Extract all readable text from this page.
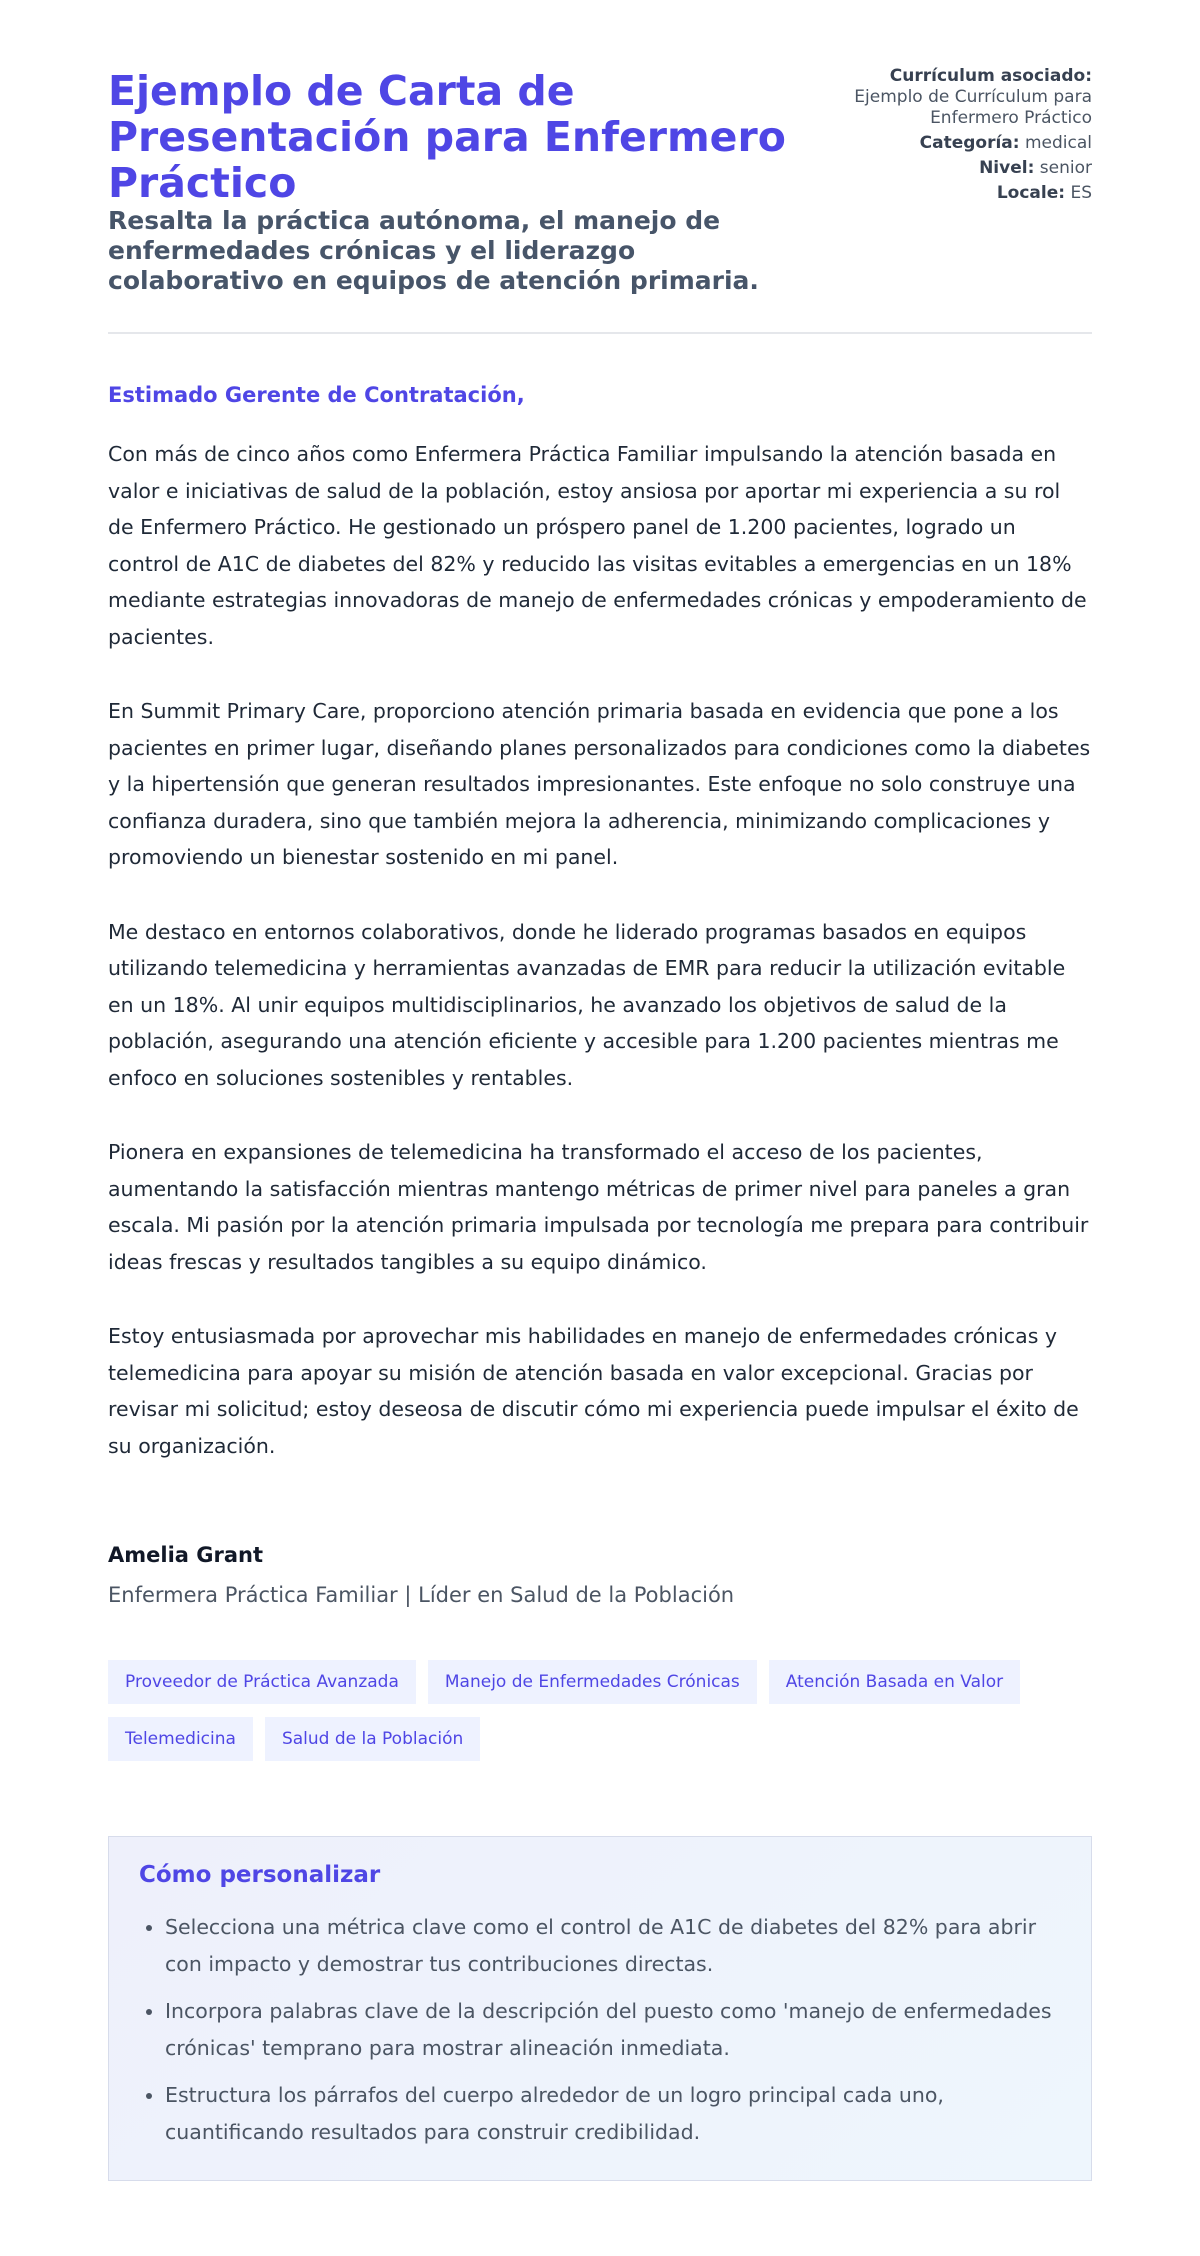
Ejemplo de Carta de Presentación para Enfermero Práctico

Resalta la práctica autónoma, el manejo de enfermedades crónicas y el liderazgo colaborativo en equipos de atención primaria.

Currículum asociado:
Ejemplo de Currículum para Enfermero Práctico
Categoría: medical
Nivel: senior
Locale: ES
Estimado Gerente de Contratación,

Con más de cinco años como Enfermera Práctica Familiar impulsando la atención basada en valor e iniciativas de salud de la población, estoy ansiosa por aportar mi experiencia a su rol de Enfermero Práctico. He gestionado un próspero panel de 1.200 pacientes, logrado un control de A1C de diabetes del 82% y reducido las visitas evitables a emergencias en un 18% mediante estrategias innovadoras de manejo de enfermedades crónicas y empoderamiento de pacientes.

En Summit Primary Care, proporciono atención primaria basada en evidencia que pone a los pacientes en primer lugar, diseñando planes personalizados para condiciones como la diabetes y la hipertensión que generan resultados impresionantes. Este enfoque no solo construye una confianza duradera, sino que también mejora la adherencia, minimizando complicaciones y promoviendo un bienestar sostenido en mi panel.

Me destaco en entornos colaborativos, donde he liderado programas basados en equipos utilizando telemedicina y herramientas avanzadas de EMR para reducir la utilización evitable en un 18%. Al unir equipos multidisciplinarios, he avanzado los objetivos de salud de la población, asegurando una atención eficiente y accesible para 1.200 pacientes mientras me enfoco en soluciones sostenibles y rentables.

Pionera en expansiones de telemedicina ha transformado el acceso de los pacientes, aumentando la satisfacción mientras mantengo métricas de primer nivel para paneles a gran escala. Mi pasión por la atención primaria impulsada por tecnología me prepara para contribuir ideas frescas y resultados tangibles a su equipo dinámico.

Estoy entusiasmada por aprovechar mis habilidades en manejo de enfermedades crónicas y telemedicina para apoyar su misión de atención basada en valor excepcional. Gracias por revisar mi solicitud; estoy deseosa de discutir cómo mi experiencia puede impulsar el éxito de su organización.

Amelia Grant
Enfermera Práctica Familiar | Líder en Salud de la Población
Proveedor de Práctica Avanzada	Manejo de Enfermedades Crónicas	Atención Basada en Valor
Telemedicina	Salud de la Población
Cómo personalizar
• Selecciona una métrica clave como el control de A1C de diabetes del 82% para abrir con impacto y demostrar tus contribuciones directas.
• Incorpora palabras clave de la descripción del puesto como 'manejo de enfermedades crónicas' temprano para mostrar alineación inmediata.
• Estructura los párrafos del cuerpo alrededor de un logro principal cada uno, cuantificando resultados para construir credibilidad.
